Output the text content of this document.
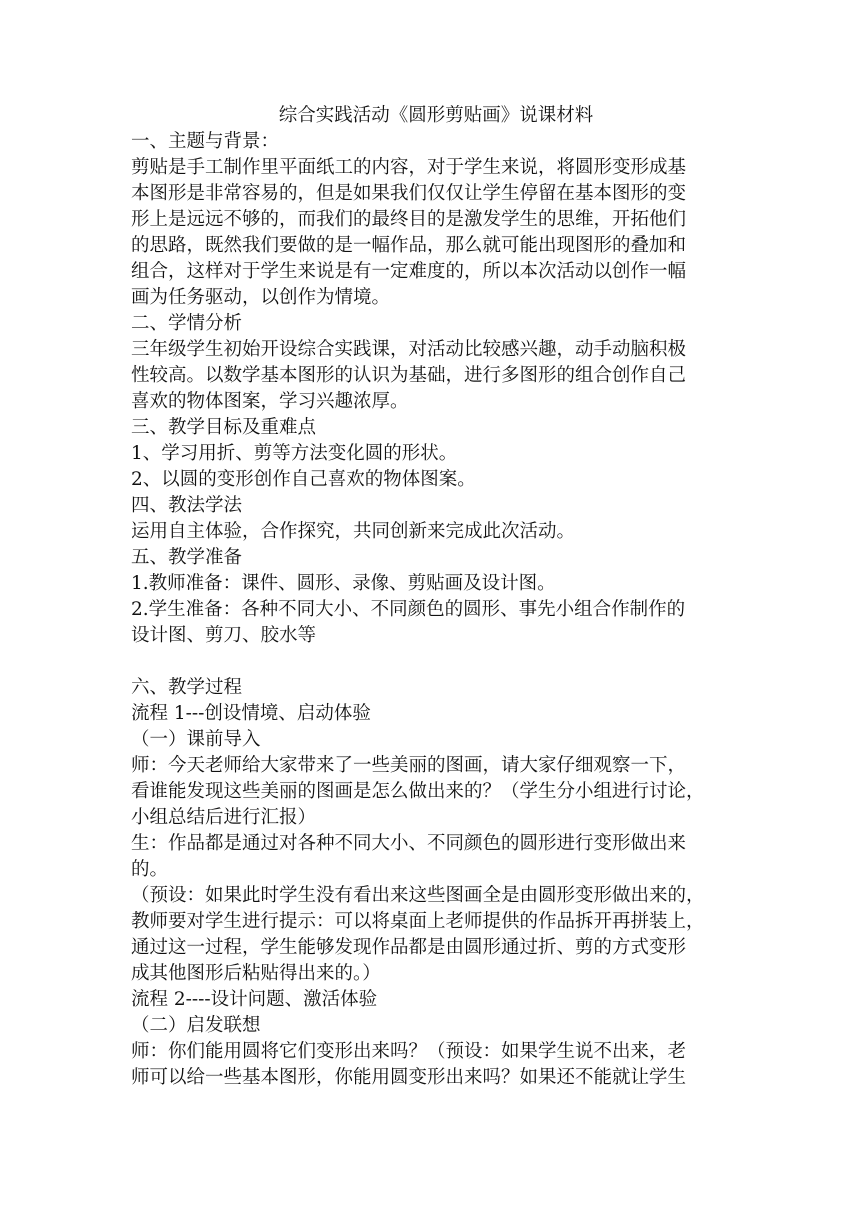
综合实践活动《圆形剪贴画》说课材料
一、主题与背景：
剪贴是手工制作里平面纸工的内容，对于学生来说，将圆形变形成基
本图形是非常容易的，但是如果我们仅仅让学生停留在基本图形的变
形上是远远不够的，而我们的最终目的是激发学生的思维，开拓他们
的思路，既然我们要做的是一幅作品，那么就可能出现图形的叠加和
组合，这样对于学生来说是有一定难度的，所以本次活动以创作一幅
画为任务驱动，以创作为情境。
二、学情分析
三年级学生初始开设综合实践课，对活动比较感兴趣，动手动脑积极
性较高。以数学基本图形的认识为基础，进行多图形的组合创作自己
喜欢的物体图案，学习兴趣浓厚。
三、教学目标及重难点
1、学习用折、剪等方法变化圆的形状。
2、以圆的变形创作自己喜欢的物体图案。
四、教法学法
运用自主体验，合作探究，共同创新来完成此次活动。
五、教学准备
1.教师准备：课件、圆形、录像、剪贴画及设计图。
2.学生准备：各种不同大小、不同颜色的圆形、事先小组合作制作的
设计图、剪刀、胶水等
六、教学过程
流程 1---创设情境、启动体验
（一）课前导入
师：今天老师给大家带来了一些美丽的图画，请大家仔细观察一下，
看谁能发现这些美丽的图画是怎么做出来的？（学生分小组进行讨论，
小组总结后进行汇报）
生：作品都是通过对各种不同大小、不同颜色的圆形进行变形做出来
的。
（预设：如果此时学生没有看出来这些图画全是由圆形变形做出来的，
教师要对学生进行提示：可以将桌面上老师提供的作品拆开再拼装上，
通过这一过程，学生能够发现作品都是由圆形通过折、剪的方式变形
成其他图形后粘贴得出来的。）
流程 2----设计问题、激活体验
（二）启发联想
师：你们能用圆将它们变形出来吗？（预设：如果学生说不出来，老
师可以给一些基本图形，你能用圆变形出来吗？如果还不能就让学生
